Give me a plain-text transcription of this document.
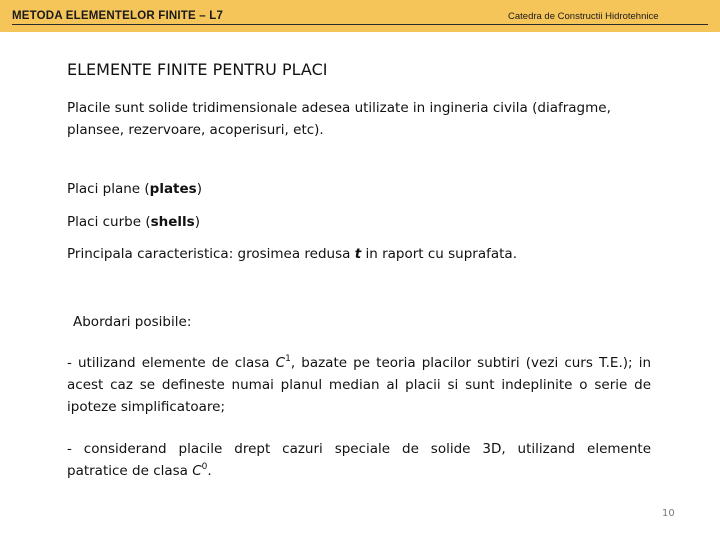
METODA ELEMENTELOR FINITE – L7	Catedra de Constructii Hidrotehnice
ELEMENTE FINITE PENTRU PLACI
Placile sunt solide tridimensionale adesea utilizate in ingineria civila (diafragme, plansee, rezervoare, acoperisuri, etc).
Placi plane (plates)
Placi curbe (shells)
Principala caracteristica: grosimea redusa t in raport cu suprafata.
Abordari posibile:
- utilizand elemente de clasa $C^1$, bazate pe teoria placilor subtiri (vezi curs T.E.); in acest caz se defineste numai planul median al placii si sunt indeplinite o serie de ipoteze simplificatoare;
- considerand placile drept cazuri speciale de solide 3D, utilizand elemente
patratice de clasa $C^0$.
10
